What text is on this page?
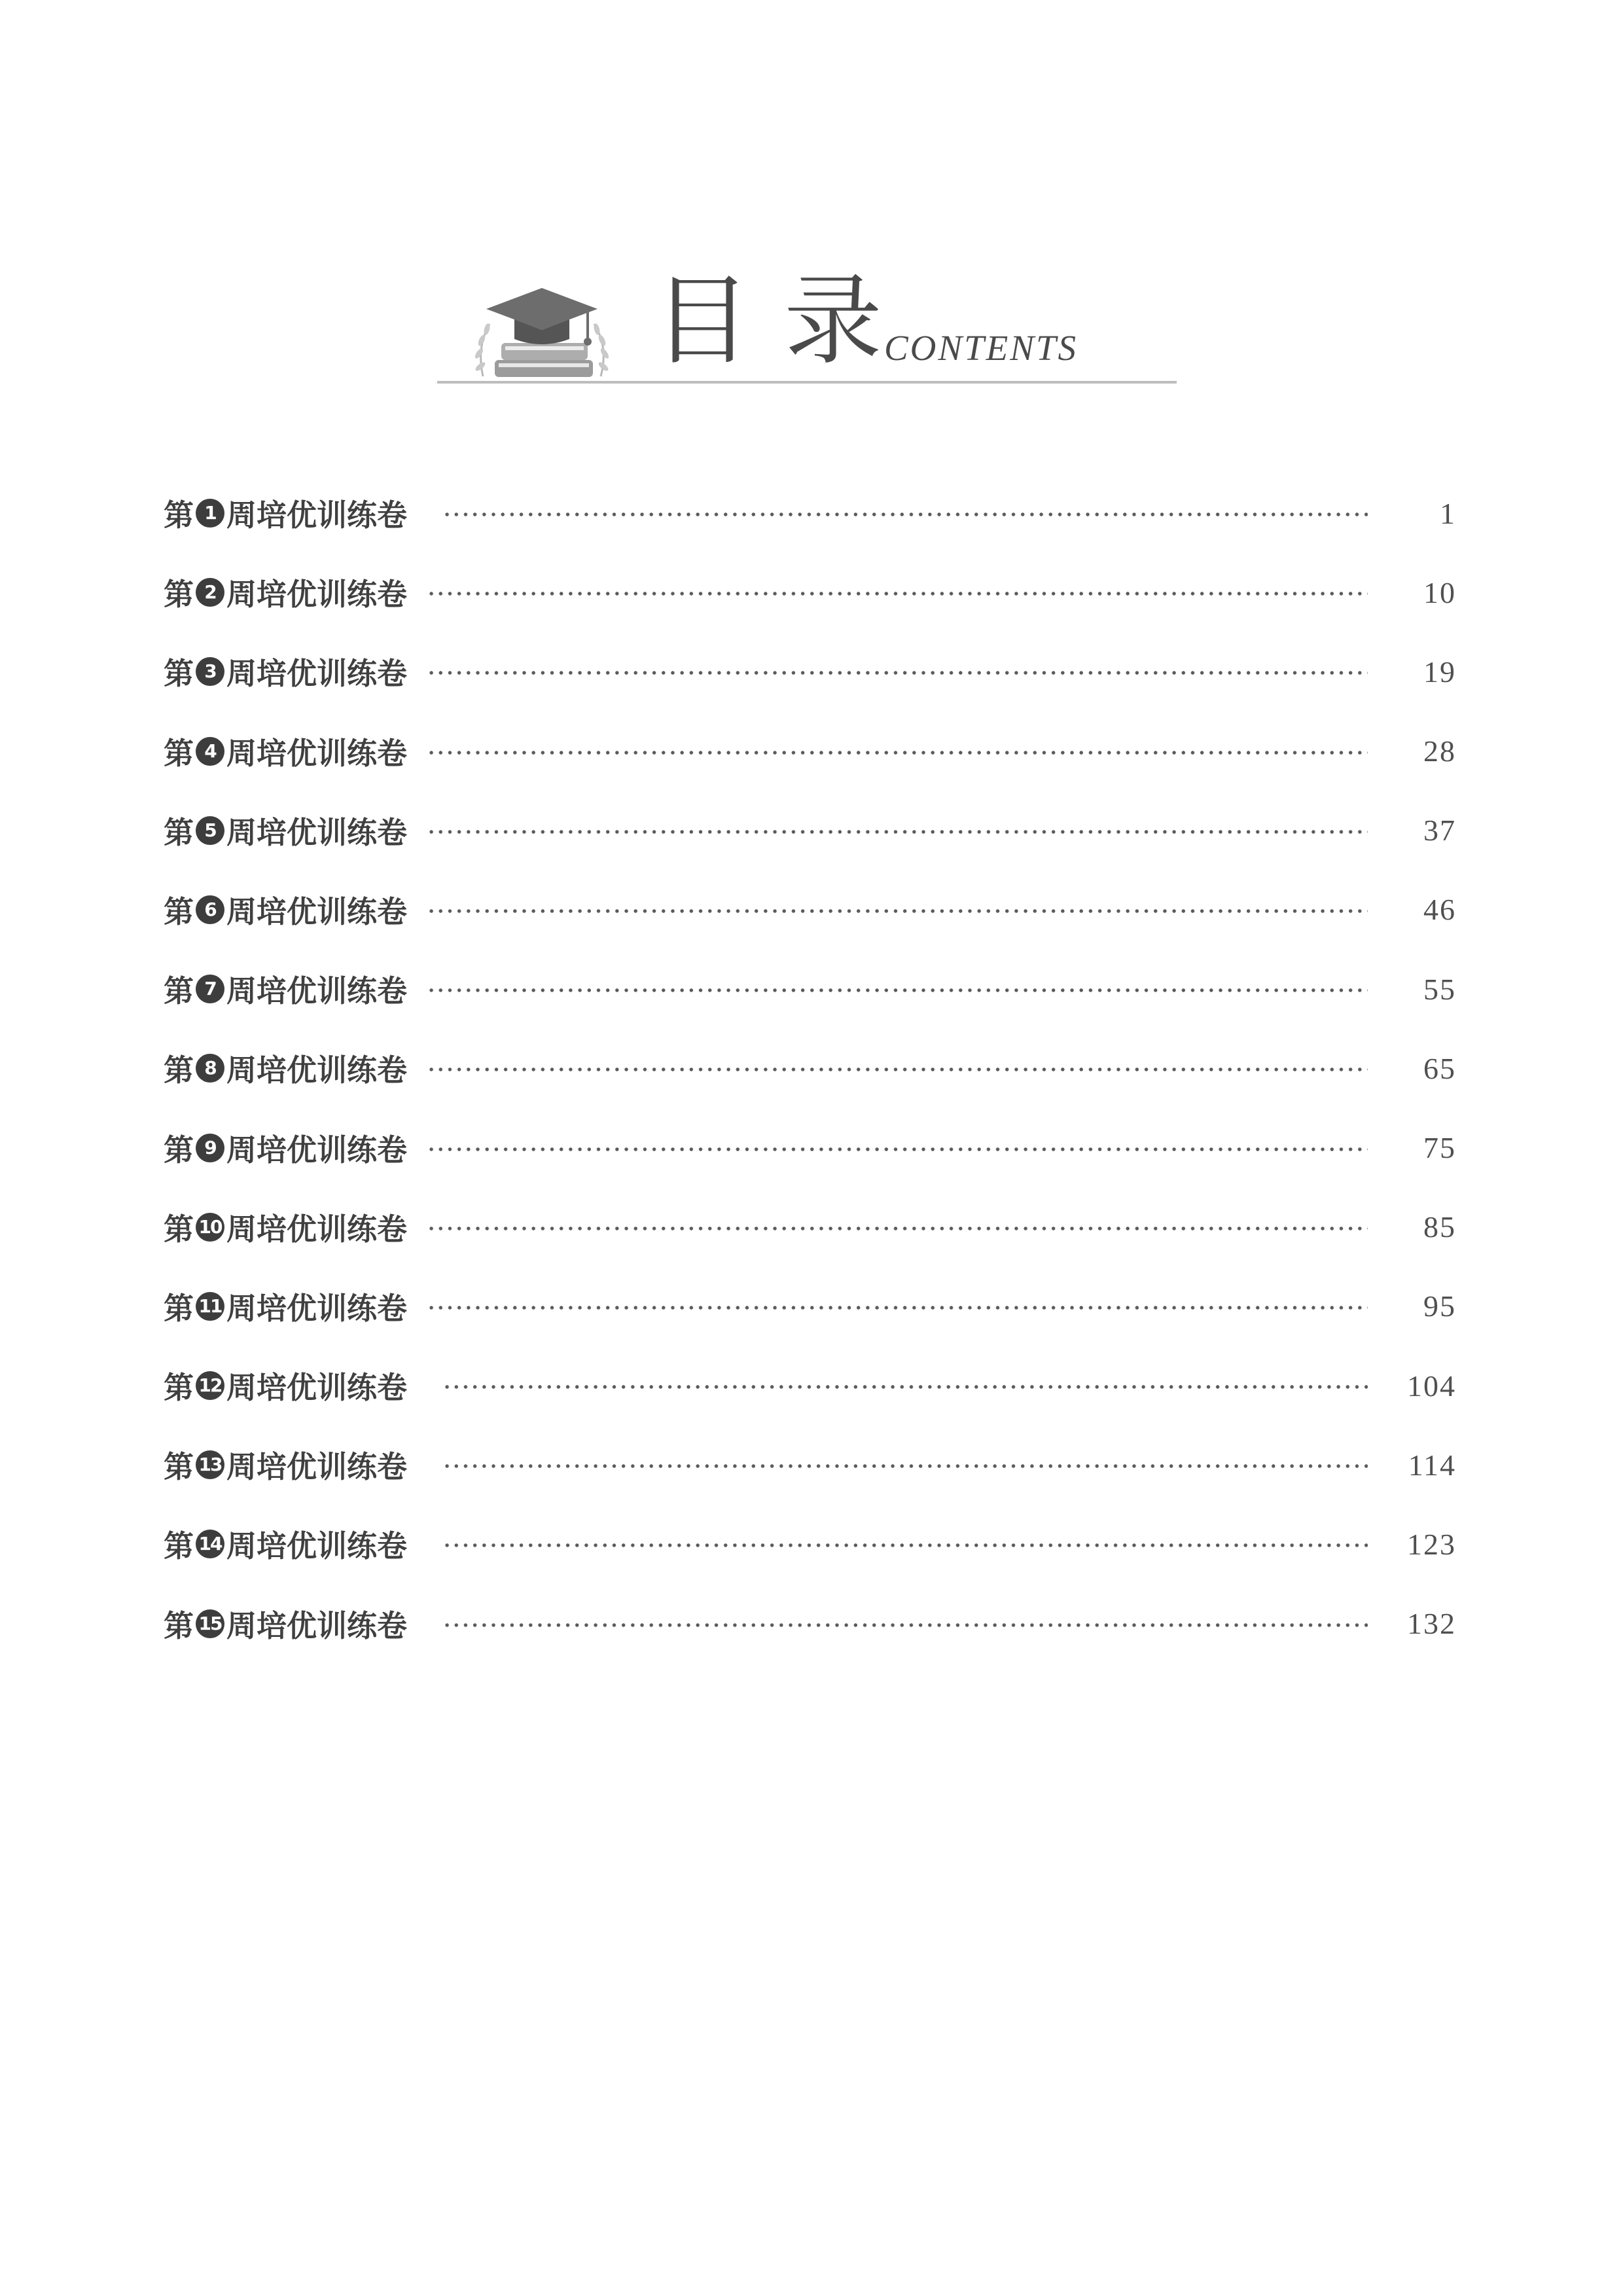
目录
CONTENTS
第 1 周培优训练卷	1
第 2 周培优训练卷	10
第 3 周培优训练卷	19
第 4 周培优训练卷	28
第 5 周培优训练卷	37
第 6 周培优训练卷	46
第 7 周培优训练卷	55
第 8 周培优训练卷	65
第 9 周培优训练卷	75
第 10 周培优训练卷	85
第 11 周培优训练卷	95
第 12 周培优训练卷	104
第 13 周培优训练卷	114
第 14 周培优训练卷	123
第 15 周培优训练卷	132
